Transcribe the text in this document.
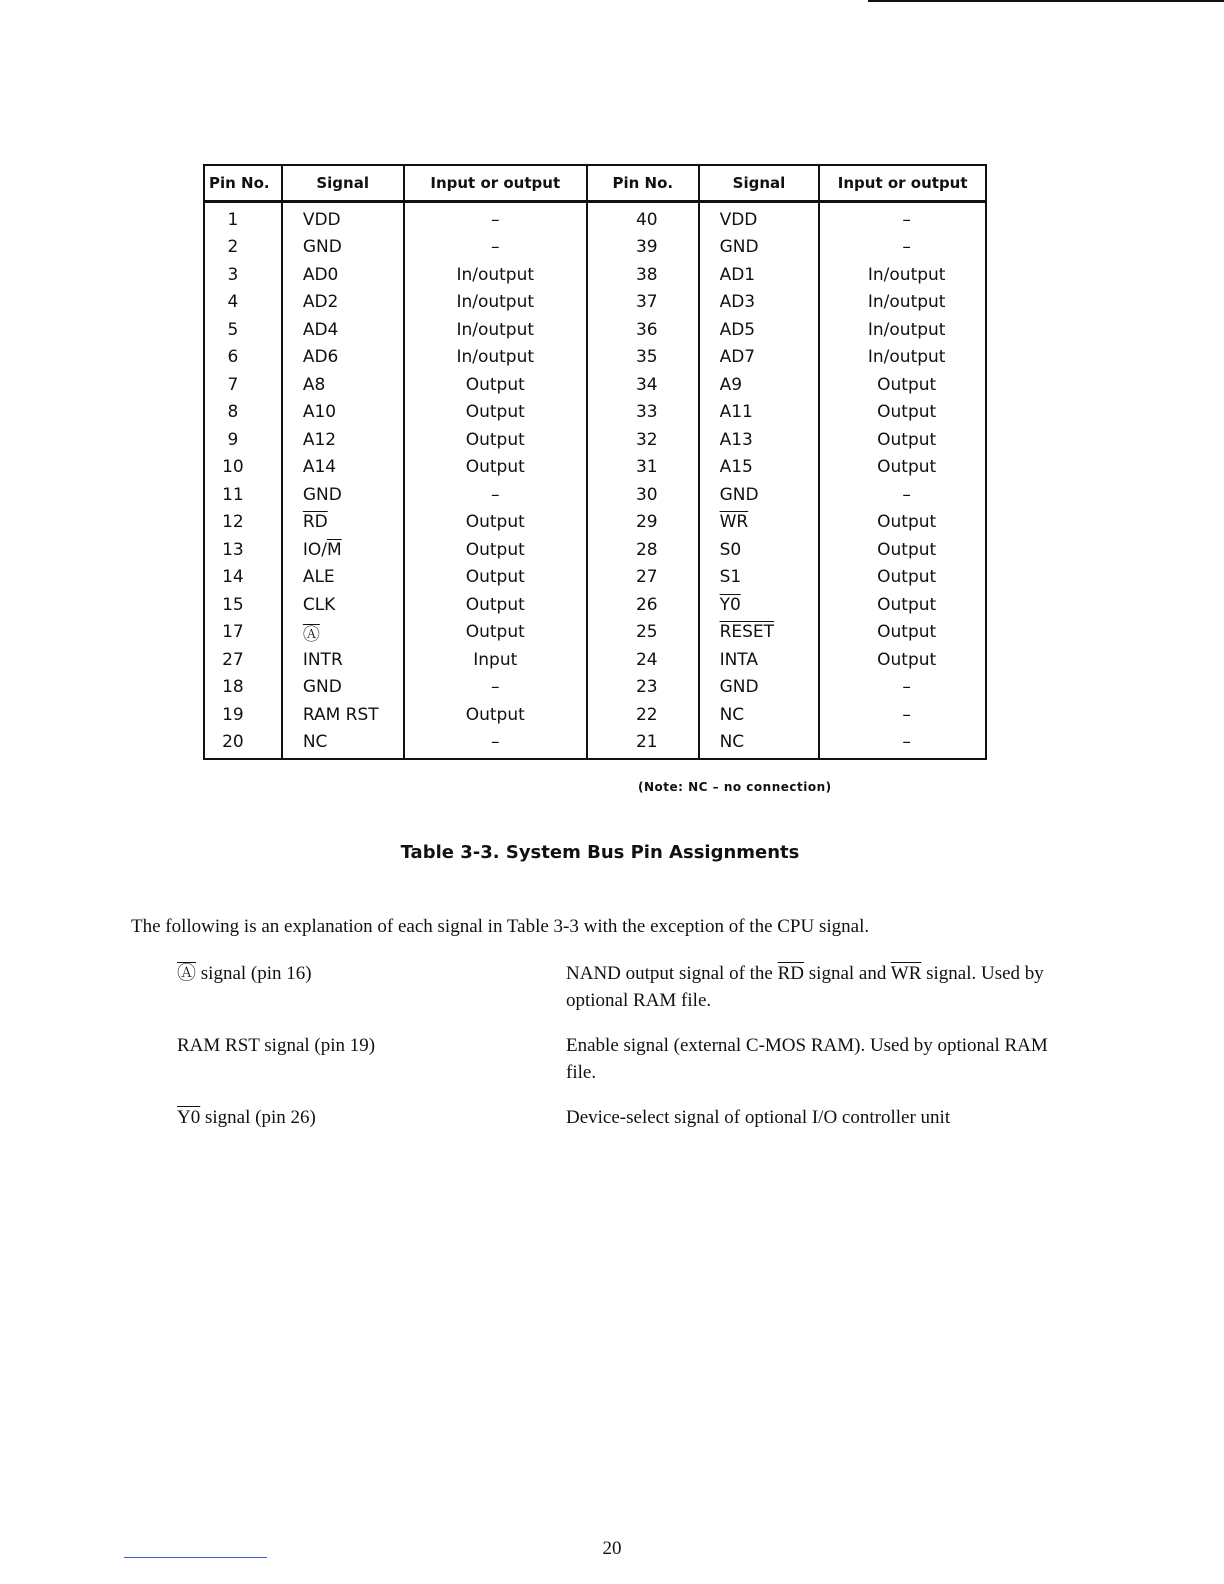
Pin No.	Signal	Input or output	Pin No.	Signal	Input or output
1	VDD	–	40	VDD	–
2	GND	–	39	GND	–
3	AD0	In/output	38	AD1	In/output
4	AD2	In/output	37	AD3	In/output
5	AD4	In/output	36	AD5	In/output
6	AD6	In/output	35	AD7	In/output
7	A8	Output	34	A9	Output
8	A10	Output	33	A11	Output
9	A12	Output	32	A13	Output
10	A14	Output	31	A15	Output
11	GND	–	30	GND	–
12	$\overline{RD}$	Output	29	$\overline{WR}$	Output
13	$IO/\overline{M}$	Output	28	S0	Output
14	ALE	Output	27	S1	Output
15	CLK	Output	26	Y0	Output
17	Ⓐ	Output	25	RESET	Output
27	INTR	Input	24	INTA	Output
18	GND	–	23	GND	–
19	RAM RST	Output	22	NC	–
20	NC	–	21	NC	–
(Note: NC – no connection)
Table 3-3. System Bus Pin Assignments
The following is an explanation of each signal in Table 3-3 with the exception of the CPU signal.
Ⓐ signal (pin 16)	NAND output signal of the $\overline{RD}$ signal and $\overline{WR}$ signal. Used by optional RAM file.
RAM RST signal (pin 19)	Enable signal (external C-MOS RAM). Used by optional RAM file.
Y0 signal (pin 26)	Device-select signal of optional I/O controller unit
20
